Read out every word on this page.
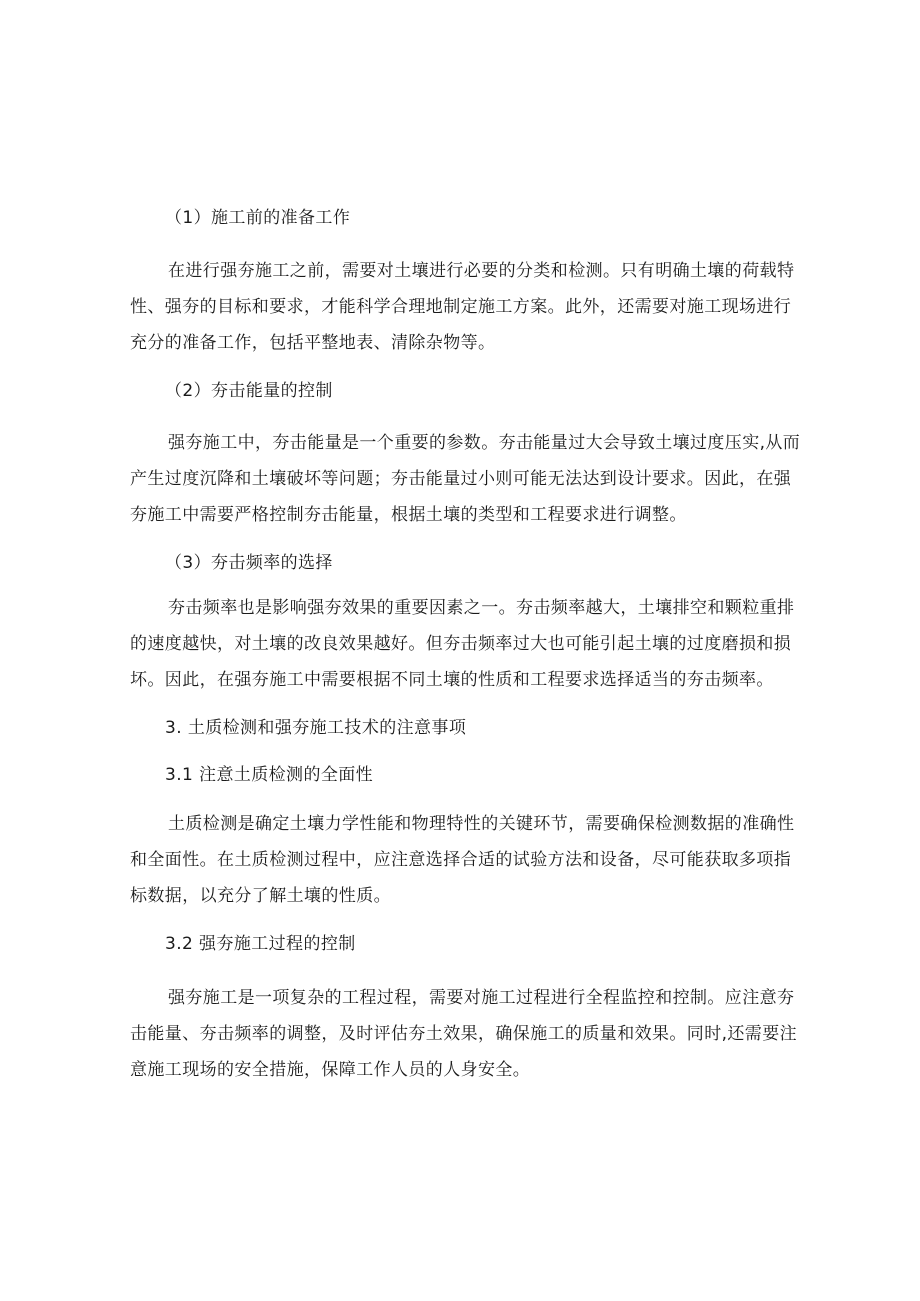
（1）施工前的准备工作
在进行强夯施工之前，需要对土壤进行必要的分类和检测。只有明确土壤的荷载特
性、强夯的目标和要求，才能科学合理地制定施工方案。此外，还需要对施工现场进行
充分的准备工作，包括平整地表、清除杂物等。
（2）夯击能量的控制
强夯施工中，夯击能量是一个重要的参数。夯击能量过大会导致土壤过度压实,从而
产生过度沉降和土壤破坏等问题；夯击能量过小则可能无法达到设计要求。因此，在强
夯施工中需要严格控制夯击能量，根据土壤的类型和工程要求进行调整。
（3）夯击频率的选择
夯击频率也是影响强夯效果的重要因素之一。夯击频率越大，土壤排空和颗粒重排
的速度越快，对土壤的改良效果越好。但夯击频率过大也可能引起土壤的过度磨损和损
坏。因此，在强夯施工中需要根据不同土壤的性质和工程要求选择适当的夯击频率。
3. 土质检测和强夯施工技术的注意事项
3.1 注意土质检测的全面性
土质检测是确定土壤力学性能和物理特性的关键环节，需要确保检测数据的准确性
和全面性。在土质检测过程中，应注意选择合适的试验方法和设备，尽可能获取多项指
标数据，以充分了解土壤的性质。
3.2 强夯施工过程的控制
强夯施工是一项复杂的工程过程，需要对施工过程进行全程监控和控制。应注意夯
击能量、夯击频率的调整，及时评估夯土效果，确保施工的质量和效果。同时,还需要注
意施工现场的安全措施，保障工作人员的人身安全。
